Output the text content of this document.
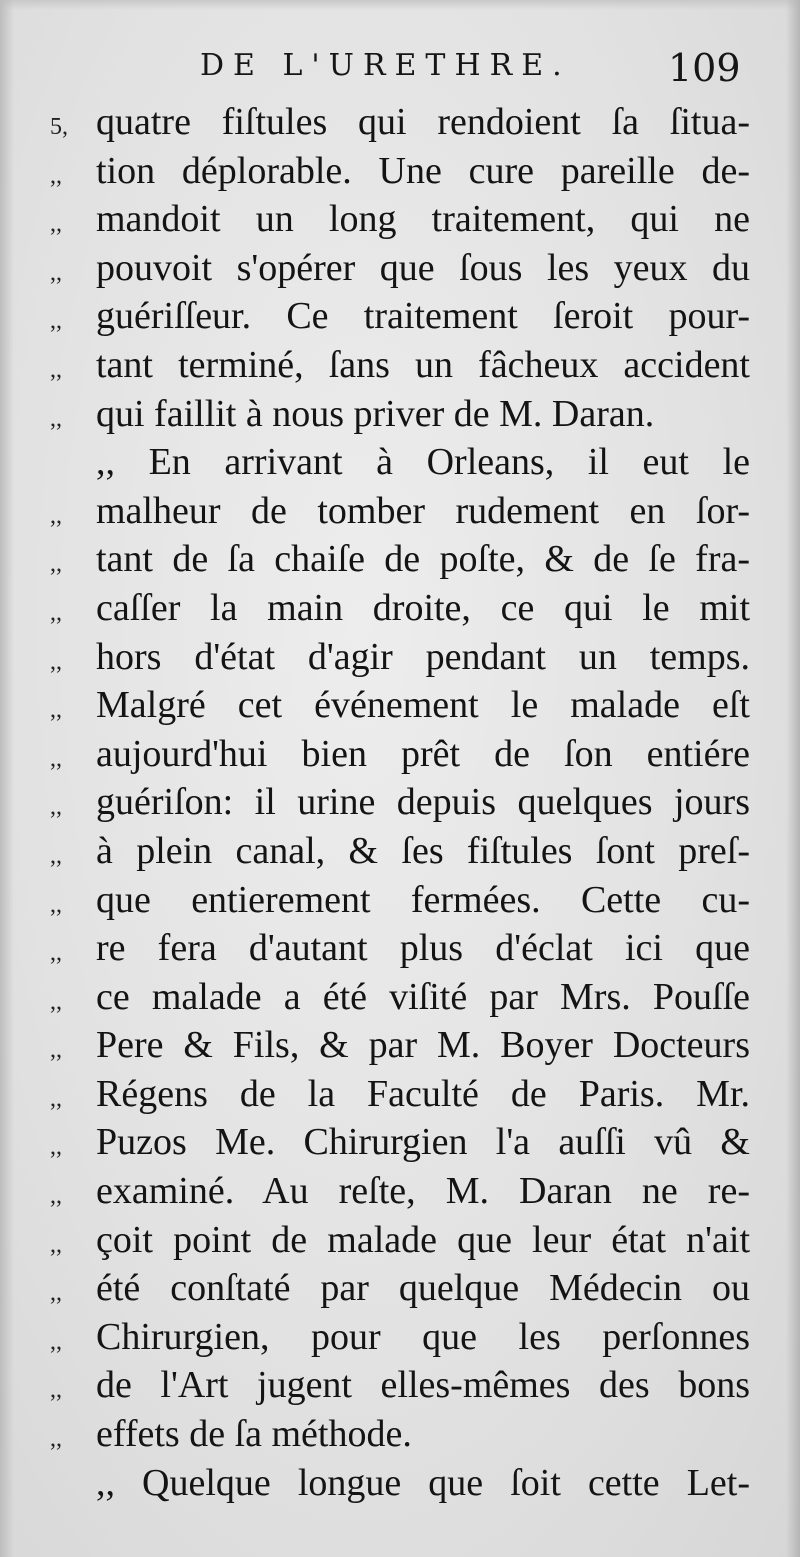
DE L'URETHRE.	109
5, quatre fiſtules qui rendoient ſa ſitua-
,, tion déplorable. Une cure pareille de-
,, mandoit un long traitement, qui ne
,, pouvoit s'opérer que ſous les yeux du
,, guériſſeur. Ce traitement ſeroit pour-
,, tant terminé, ſans un fâcheux accident
,, qui faillit à nous priver de M. Daran.
,, En arrivant à Orleans, il eut le
,, malheur de tomber rudement en ſor-
,, tant de ſa chaiſe de poſte, & de ſe fra-
,, caſſer la main droite, ce qui le mit
,, hors d'état d'agir pendant un temps.
,, Malgré cet événement le malade eſt
,, aujourd'hui bien prêt de ſon entiére
,, guériſon: il urine depuis quelques jours
,, à plein canal, & ſes fiſtules ſont preſ-
,, que entierement fermées. Cette cu-
,, re fera d'autant plus d'éclat ici que
,, ce malade a été viſité par Mrs. Pouſſe
,, Pere & Fils, & par M. Boyer Docteurs
,, Régens de la Faculté de Paris. Mr.
,, Puzos Me. Chirurgien l'a auſſi vû &
,, examiné. Au reſte, M. Daran ne re-
,, çoit point de malade que leur état n'ait
,, été conſtaté par quelque Médecin ou
,, Chirurgien, pour que les perſonnes
,, de l'Art jugent elles-mêmes des bons
,, effets de ſa méthode.
,, Quelque longue que ſoit cette Let-
